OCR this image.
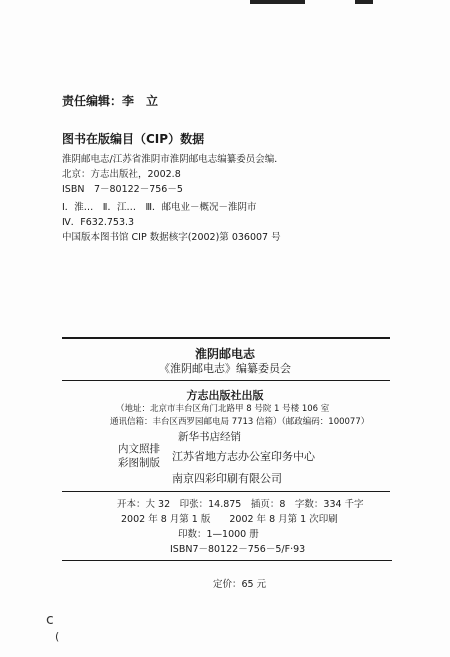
责任编辑：李　立
图书在版编目（CIP）数据
淮阴邮电志/江苏省淮阴市淮阴邮电志编纂委员会编．
北京：方志出版社，2002.8
ISBN　7－80122－756－5
Ⅰ．淮…　Ⅱ．江…　Ⅲ．邮电业－概况－淮阴市
Ⅳ．F632.753.3
中国版本图书馆 CIP 数据核字(2002)第 036007 号
淮阴邮电志
《淮阴邮电志》编纂委员会
方志出版社出版
（地址：北京市丰台区角门北路甲 8 号院 1 号楼 106 室
通讯信箱：丰台区西罗园邮电局 7713 信箱）（邮政编码：100077）
新华书店经销
内文照排
彩图制版 江苏省地方志办公室印务中心
南京四彩印刷有限公司
开本：大 32　印张：14.875　插页：8　字数：334 千字
2002 年 8 月第 1 版　　2002 年 8 月第 1 次印刷
印数：1—1000 册
ISBN7－80122－756－5/F·93
定价：65 元
c
(
